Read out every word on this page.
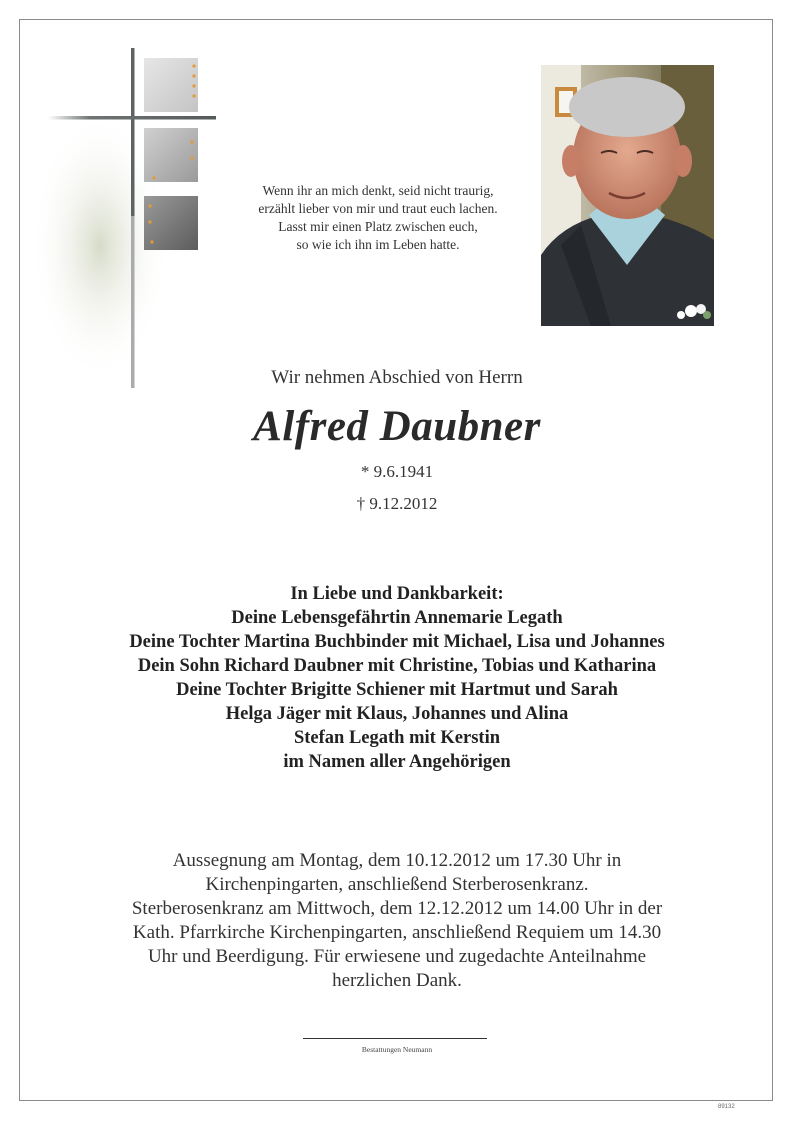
Wenn ihr an mich denkt, seid nicht traurig,
erzählt lieber von mir und traut euch lachen.
Lasst mir einen Platz zwischen euch,
so wie ich ihn im Leben hatte.
Wir nehmen Abschied von Herrn
Alfred Daubner
* 9.6.1941
† 9.12.2012
In Liebe und Dankbarkeit:
Deine Lebensgefährtin Annemarie Legath
Deine Tochter Martina Buchbinder mit Michael, Lisa und Johannes
Dein Sohn Richard Daubner mit Christine, Tobias und Katharina
Deine Tochter Brigitte Schiener mit Hartmut und Sarah
Helga Jäger mit Klaus, Johannes und Alina
Stefan Legath mit Kerstin
im Namen aller Angehörigen
Aussegnung am Montag, dem 10.12.2012 um 17.30 Uhr in
Kirchenpingarten, anschließend Sterberosenkranz.
Sterberosenkranz am Mittwoch, dem 12.12.2012 um 14.00 Uhr in der
Kath. Pfarrkirche Kirchenpingarten, anschließend Requiem um 14.30
Uhr und Beerdigung. Für erwiesene und zugedachte Anteilnahme
herzlichen Dank.
Bestattungen Neumann
89132
